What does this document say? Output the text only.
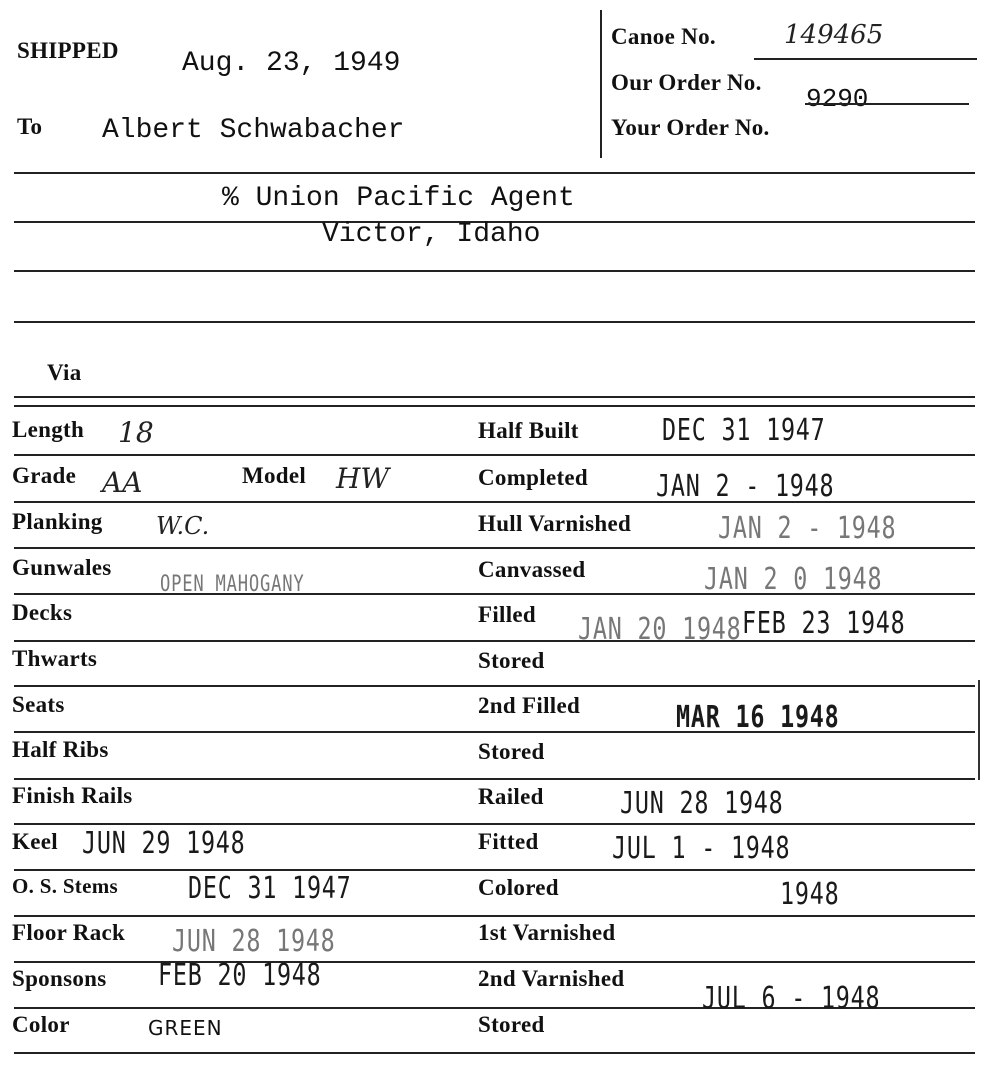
SHIPPED Aug. 23, 1949
To Albert Schwabacher
Canoe No.	149465
Our Order No.
9290
Your Order No.
% Union Pacific Agent
Victor, Idaho
Via
Length
Grade
Planking
Gunwales
Decks
Thwarts
Seats
Half Ribs
Finish Rails
Keel
O. S. Stems
Floor Rack
Sponsons
Color
18
AA	Model HW
W.C.
OPEN MAHOGANY
JUN 29 1948
DEC 31 1947
JUN 28 1948
FEB 20 1948
GREEN
Half Built
Completed
Hull Varnished
Canvassed
Filled
Stored
2nd Filled
Stored
Railed
Fitted
Colored
1st Varnished
2nd Varnished
Stored
DEC 31 1947
JAN 2 - 1948
JAN 2 - 1948
JAN 2 0 1948
JAN 20 1948 FEB 23 1948
MAR 16 1948
JUN 28 1948
JUL 1 - 1948
1948
JUL 6 - 1948
